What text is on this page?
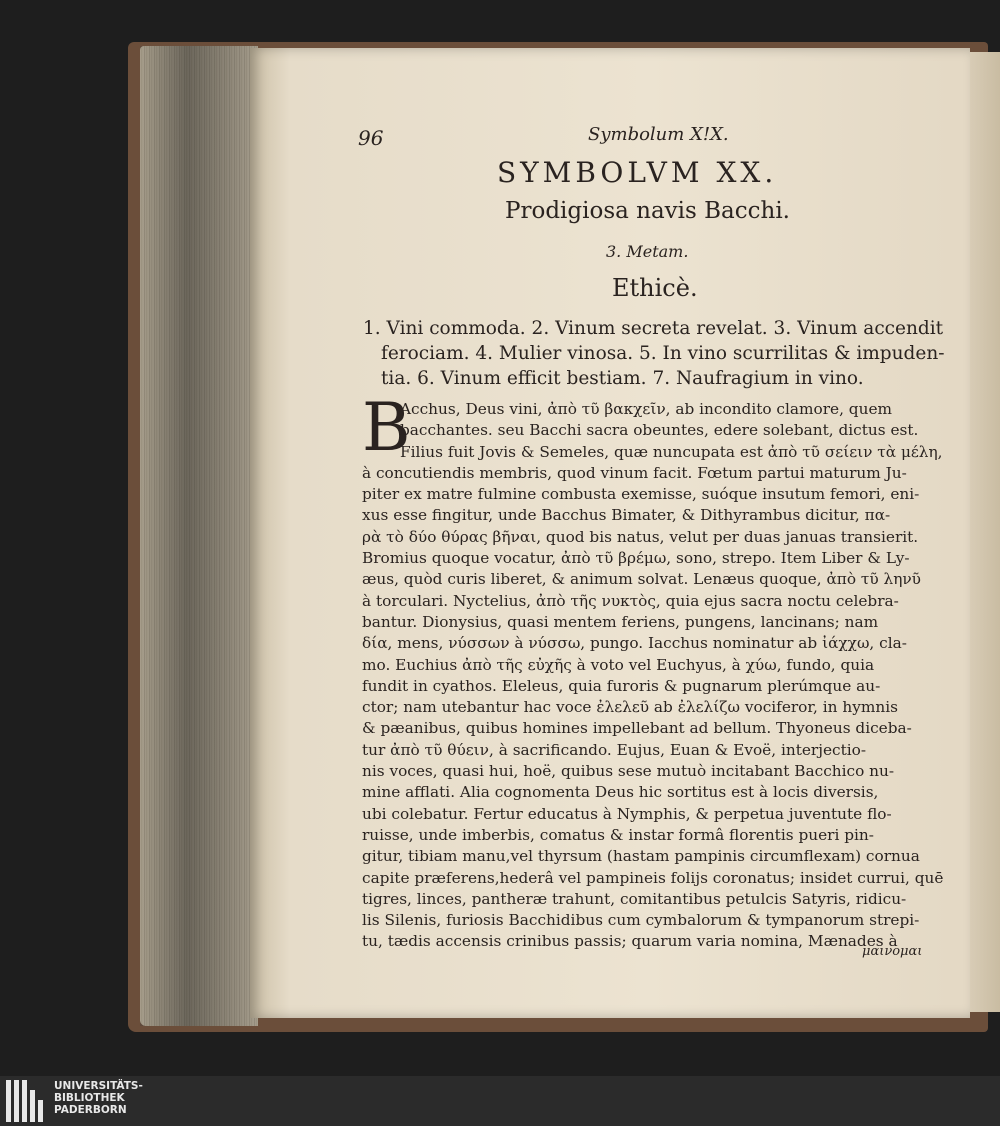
96	Symbolum X!X.
SYMBOLVM XX.
Prodigiosa navis Bacchi.
3. Metam.
Ethicè.
1. Vini commoda. 2. Vinum secreta revelat. 3. Vinum accendit
ferociam. 4. Mulier vinosa. 5. In vino scurrilitas & impuden-
tia. 6. Vinum efficit bestiam. 7. Naufragium in vino.
B
Acchus, Deus vini, ἀπὸ τῦ βακχεῖν, ab incondito clamore, quem
bacchantes. seu Bacchi sacra obeuntes, edere solebant, dictus est.
Filius fuit Jovis & Semeles, quæ nuncupata est ἀπὸ τῦ σείειν τὰ μέλη,
à concutiendis membris, quod vinum facit. Fœtum partui maturum Ju-
piter ex matre fulmine combusta exemisse, suóque insutum femori, eni-
xus esse fingitur, unde Bacchus Bimater, & Dithyrambus dicitur, πα-
ρὰ τὸ δύο θύρας βῆναι, quod bis natus, velut per duas januas transierit.
Bromius quoque vocatur, ἀπὸ τῦ βρέμω, sono, strepo. Item Liber & Ly-
æus, quòd curis liberet, & animum solvat. Lenæus quoque, ἀπὸ τῦ ληνῦ
à torculari. Nyctelius, ἀπὸ τῆς νυκτὸς, quia ejus sacra noctu celebra-
bantur. Dionysius, quasi mentem feriens, pungens, lancinans; nam
δία, mens, νύσσων à νύσσω, pungo. Iacchus nominatur ab ἰάχχω, cla-
mo. Euchius ἀπὸ τῆς εὐχῆς à voto vel Euchyus, à χύω, fundo, quia
fundit in cyathos. Eleleus, quia furoris & pugnarum plerúmque au-
ctor; nam utebantur hac voce ἐλελεῦ ab ἐλελίζω vociferor, in hymnis
& pæanibus, quibus homines impellebant ad bellum. Thyoneus diceba-
tur ἀπὸ τῦ θύειν, à sacrificando. Eujus, Euan & Evoë, interjectio-
nis voces, quasi hui, hoë, quibus sese mutuò incitabant Bacchico nu-
mine afflati. Alia cognomenta Deus hic sortitus est à locis diversis,
ubi colebatur. Fertur educatus à Nymphis, & perpetua juventute flo-
ruisse, unde imberbis, comatus & instar formâ florentis pueri pin-
gitur, tibiam manu,vel thyrsum (hastam pampinis circumflexam) cornua
capite præferens,hederâ vel pampineis folijs coronatus; insidet currui, quē
tigres, linces, pantheræ trahunt, comitantibus petulcis Satyris, ridicu-
lis Silenis, furiosis Bacchidibus cum cymbalorum & tympanorum strepi-
tu, tædis accensis crinibus passis; quarum varia nomina, Mænades à
μαινομαι
UNIVERSITÄTS-
BIBLIOTHEK
PADERBORN
